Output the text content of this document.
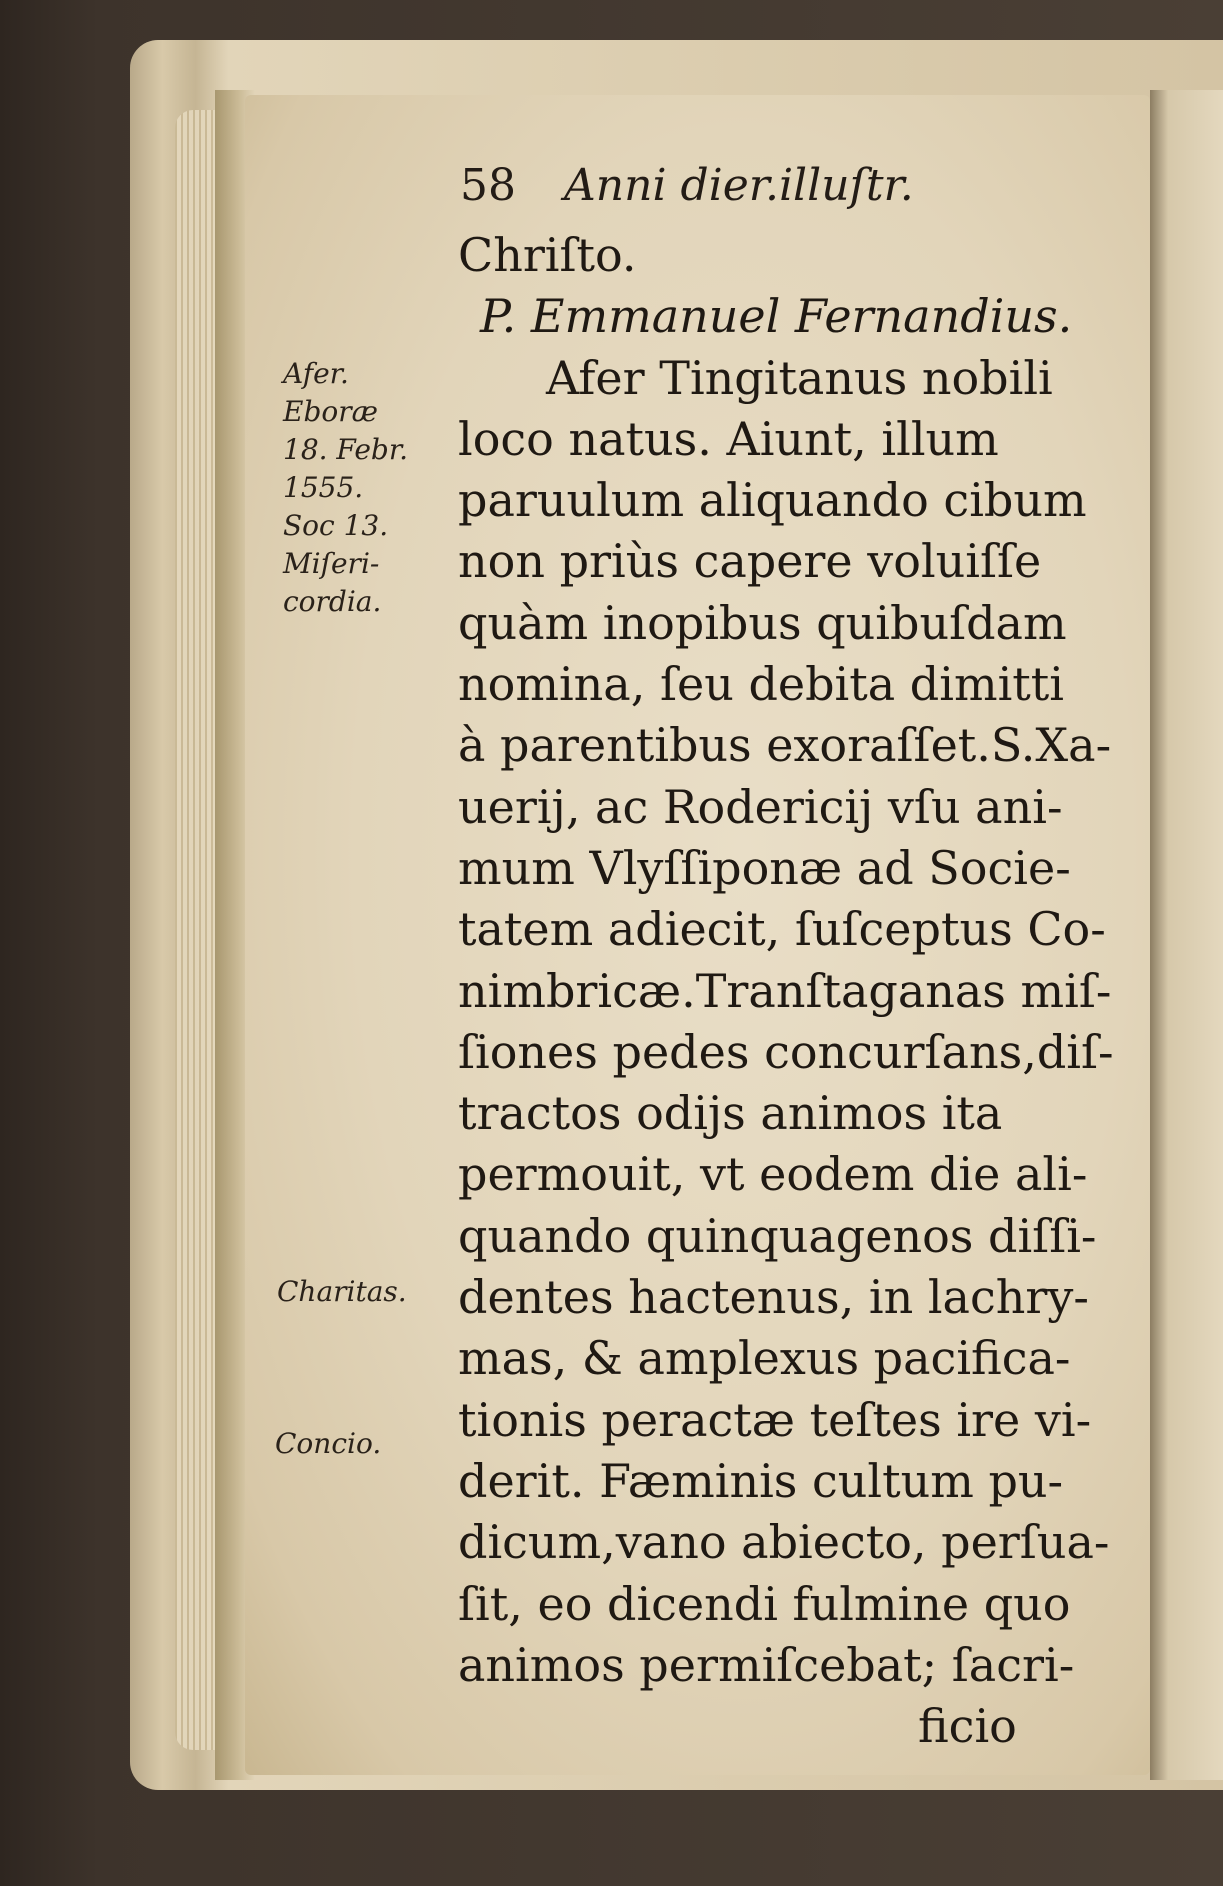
58 Anni dier.illuſtr.
Chriſto.
P. Emmanuel Fernandius.
Afer Tingitanus nobili
loco natus. Aiunt, illum
paruulum aliquando cibum
non priùs capere voluiſſe
quàm inopibus quibuſdam
nomina, ſeu debita dimitti
à parentibus exoraſſet.S.Xa-
uerij, ac Rodericij vſu ani-
mum Vlyſſiponæ ad Socie-
tatem adiecit, ſuſceptus Co-
nimbricæ.Tranſtaganas miſ-
ſiones pedes concurſans,diſ-
tractos odijs animos ita
permouit, vt eodem die ali-
quando quinquagenos diſſi-
dentes hactenus, in lachry-
mas, & amplexus pacifica-
tionis peractæ teſtes ire vi-
derit. Fæminis cultum pu-
dicum,vano abiecto, perſua-
ſit, eo dicendi fulmine quo
animos permiſcebat; ſacri-
ficio
Afer.
Eboræ
18. Febr.
1555.
Soc 13.
Miſeri-
cordia.
Charitas.
Concio.
